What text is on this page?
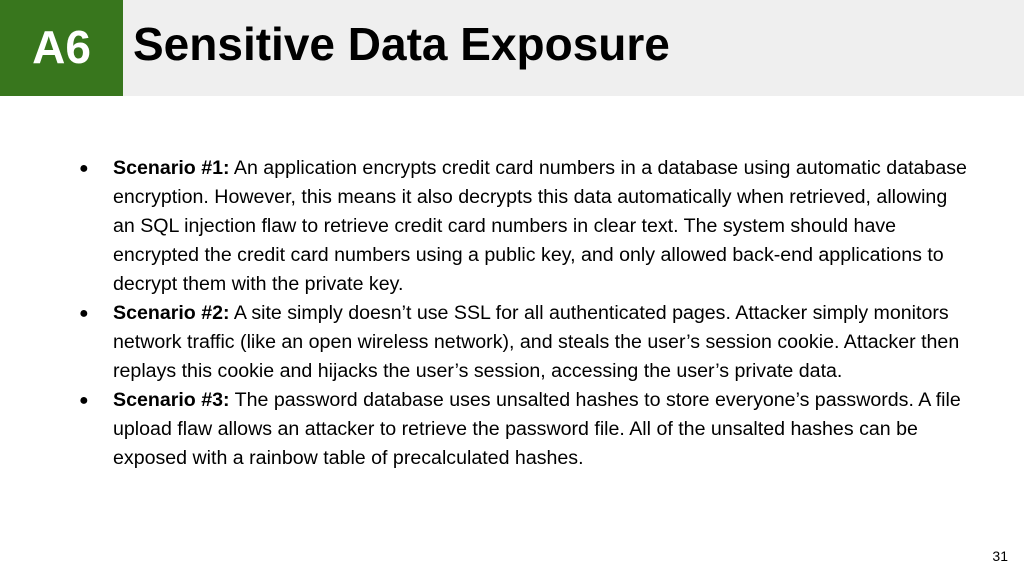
A6 Sensitive Data Exposure
● Scenario #1: An application encrypts credit card numbers in a database using automatic database encryption. However, this means it also decrypts this data automatically when retrieved, allowing an SQL injection flaw to retrieve credit card numbers in clear text. The system should have encrypted the credit card numbers using a public key, and only allowed back-end applications to decrypt them with the private key.
● Scenario #2: A site simply doesn’t use SSL for all authenticated pages. Attacker simply monitors network traffic (like an open wireless network), and steals the user’s session cookie. Attacker then replays this cookie and hijacks the user’s session, accessing the user’s private data.
● Scenario #3: The password database uses unsalted hashes to store everyone’s passwords. A file upload flaw allows an attacker to retrieve the password file. All of the unsalted hashes can be exposed with a rainbow table of precalculated hashes.
31
